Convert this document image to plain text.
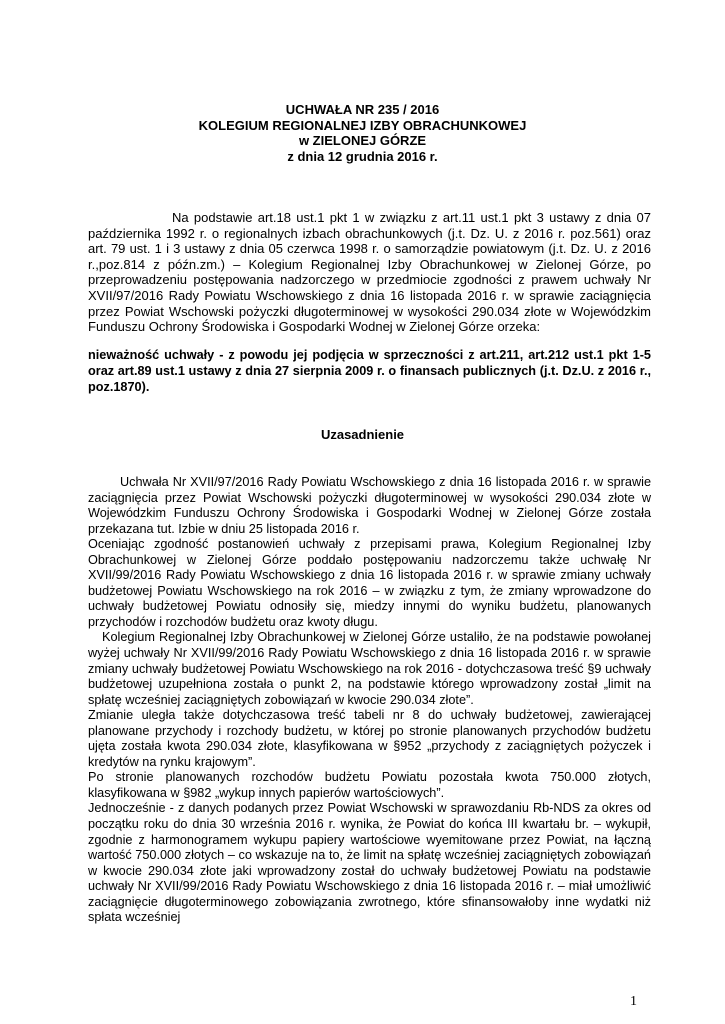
UCHWAŁA NR 235 / 2016
KOLEGIUM REGIONALNEJ IZBY OBRACHUNKOWEJ
w ZIELONEJ GÓRZE
z dnia 12 grudnia 2016 r.

Na podstawie art.18 ust.1 pkt 1 w związku z art.11 ust.1 pkt 3 ustawy z dnia 07 października 1992 r. o regionalnych izbach obrachunkowych (j.t. Dz. U. z 2016 r. poz.561) oraz art. 79 ust. 1 i 3 ustawy z dnia 05 czerwca 1998 r. o samorządzie powiatowym (j.t. Dz. U. z 2016 r.,poz.814 z późn.zm.) – Kolegium Regionalnej Izby Obrachunkowej w Zielonej Górze, po przeprowadzeniu postępowania nadzorczego w przedmiocie zgodności z prawem uchwały Nr XVII/97/2016 Rady Powiatu Wschowskiego z dnia 16 listopada 2016 r. w sprawie zaciągnięcia przez Powiat Wschowski pożyczki długoterminowej w wysokości 290.034 złote w Wojewódzkim Funduszu Ochrony Środowiska i Gospodarki Wodnej w Zielonej Górze orzeka:

nieważność uchwały - z powodu jej podjęcia w sprzeczności z art.211, art.212 ust.1 pkt 1-5 oraz art.89 ust.1 ustawy z dnia 27 sierpnia 2009 r. o finansach publicznych (j.t. Dz.U. z 2016 r., poz.1870).

Uzasadnienie

Uchwała Nr XVII/97/2016 Rady Powiatu Wschowskiego z dnia 16 listopada 2016 r. w sprawie zaciągnięcia przez Powiat Wschowski pożyczki długoterminowej w wysokości 290.034 złote w Wojewódzkim Funduszu Ochrony Środowiska i Gospodarki Wodnej w Zielonej Górze została przekazana tut. Izbie w dniu 25 listopada 2016 r.

Oceniając zgodność postanowień uchwały z przepisami prawa, Kolegium Regionalnej Izby Obrachunkowej w Zielonej Górze poddało postępowaniu nadzorczemu także uchwałę Nr XVII/99/2016 Rady Powiatu Wschowskiego z dnia 16 listopada 2016 r. w sprawie zmiany uchwały budżetowej Powiatu Wschowskiego na rok 2016 – w związku z tym, że zmiany wprowadzone do uchwały budżetowej Powiatu odnosiły się, miedzy innymi do wyniku budżetu, planowanych przychodów i rozchodów budżetu oraz kwoty długu.

Kolegium Regionalnej Izby Obrachunkowej w Zielonej Górze ustaliło, że na podstawie powołanej wyżej uchwały Nr XVII/99/2016 Rady Powiatu Wschowskiego z dnia 16 listopada 2016 r. w sprawie zmiany uchwały budżetowej Powiatu Wschowskiego na rok 2016 - dotychczasowa treść §9 uchwały budżetowej uzupełniona została o punkt 2, na podstawie którego wprowadzony został „limit na spłatę wcześniej zaciągniętych zobowiązań w kwocie 290.034 złote”.

Zmianie uległa także dotychczasowa treść tabeli nr 8 do uchwały budżetowej, zawierającej planowane przychody i rozchody budżetu, w której po stronie planowanych przychodów budżetu ujęta została kwota 290.034 złote, klasyfikowana w §952 „przychody z zaciągniętych pożyczek i kredytów na rynku krajowym”.

Po stronie planowanych rozchodów budżetu Powiatu pozostała kwota 750.000 złotych, klasyfikowana w §982 „wykup innych papierów wartościowych”.

Jednocześnie - z danych podanych przez Powiat Wschowski w sprawozdaniu Rb-NDS za okres od początku roku do dnia 30 września 2016 r. wynika, że Powiat do końca III kwartału br. – wykupił, zgodnie z harmonogramem wykupu papiery wartościowe wyemitowane przez Powiat, na łączną wartość 750.000 złotych – co wskazuje na to, że limit na spłatę wcześniej zaciągniętych zobowiązań w kwocie 290.034 złote jaki wprowadzony został do uchwały budżetowej Powiatu na podstawie uchwały Nr XVII/99/2016 Rady Powiatu Wschowskiego z dnia 16 listopada 2016 r. – miał umożliwić zaciągnięcie długoterminowego zobowiązania zwrotnego, które sfinansowałoby inne wydatki niż spłata wcześniej

1
